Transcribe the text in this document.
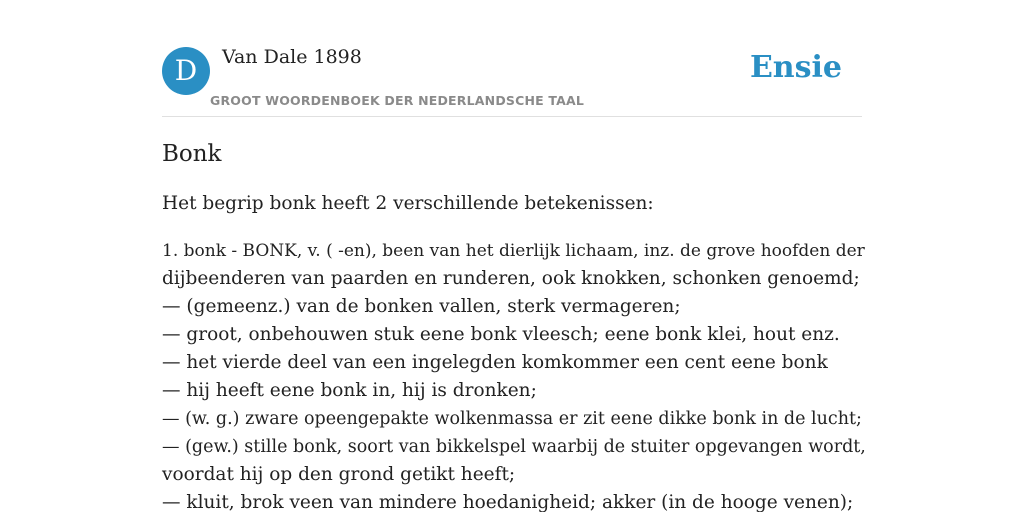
D	Van Dale 1898
GROOT WOORDENBOEK DER NEDERLANDSCHE TAAL
Ensie
Bonk

Het begrip bonk heeft 2 verschillende betekenissen:

1. bonk - BONK, v. ( -en), been van het dierlijk lichaam, inz. de grove hoofden der
dijbeenderen van paarden en runderen, ook knokken, schonken genoemd;
— (gemeenz.) van de bonken vallen, sterk vermageren;
— groot, onbehouwen stuk eene bonk vleesch; eene bonk klei, hout enz.
— het vierde deel van een ingelegden komkommer een cent eene bonk
— hij heeft eene bonk in, hij is dronken;
— (w. g.) zware opeengepakte wolkenmassa er zit eene dikke bonk in de lucht;
— (gew.) stille bonk, soort van bikkelspel waarbij de stuiter opgevangen wordt,
voordat hij op den grond getikt heeft;
— kluit, brok veen van mindere hoedanigheid; akker (in de hooge venen);
